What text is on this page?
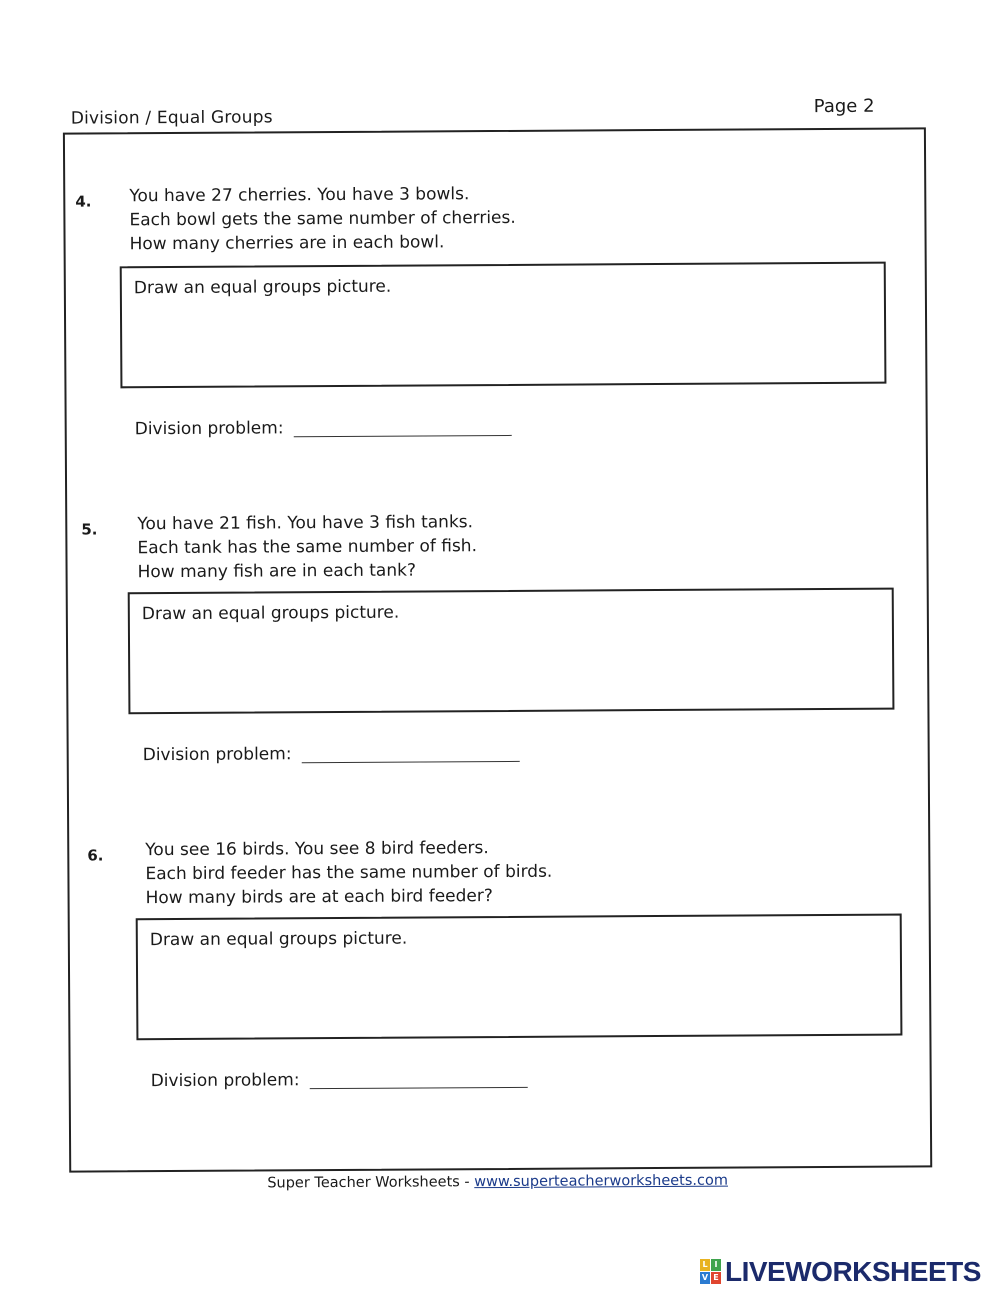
Division / Equal Groups
Page 2
4. You have 27 cherries. You have 3 bowls.
Each bowl gets the same number of cherries.
How many cherries are in each bowl.
Draw an equal groups picture.
Division problem:
5. You have 21 fish. You have 3 fish tanks.
Each tank has the same number of fish.
How many fish are in each tank?
Draw an equal groups picture.
Division problem:
6. You see 16 birds. You see 8 bird feeders.
Each bird feeder has the same number of birds.
How many birds are at each bird feeder?
Draw an equal groups picture.
Division problem:
Super Teacher Worksheets - www.superteacherworksheets.com
L I
V E LIVEWORKSHEETS
